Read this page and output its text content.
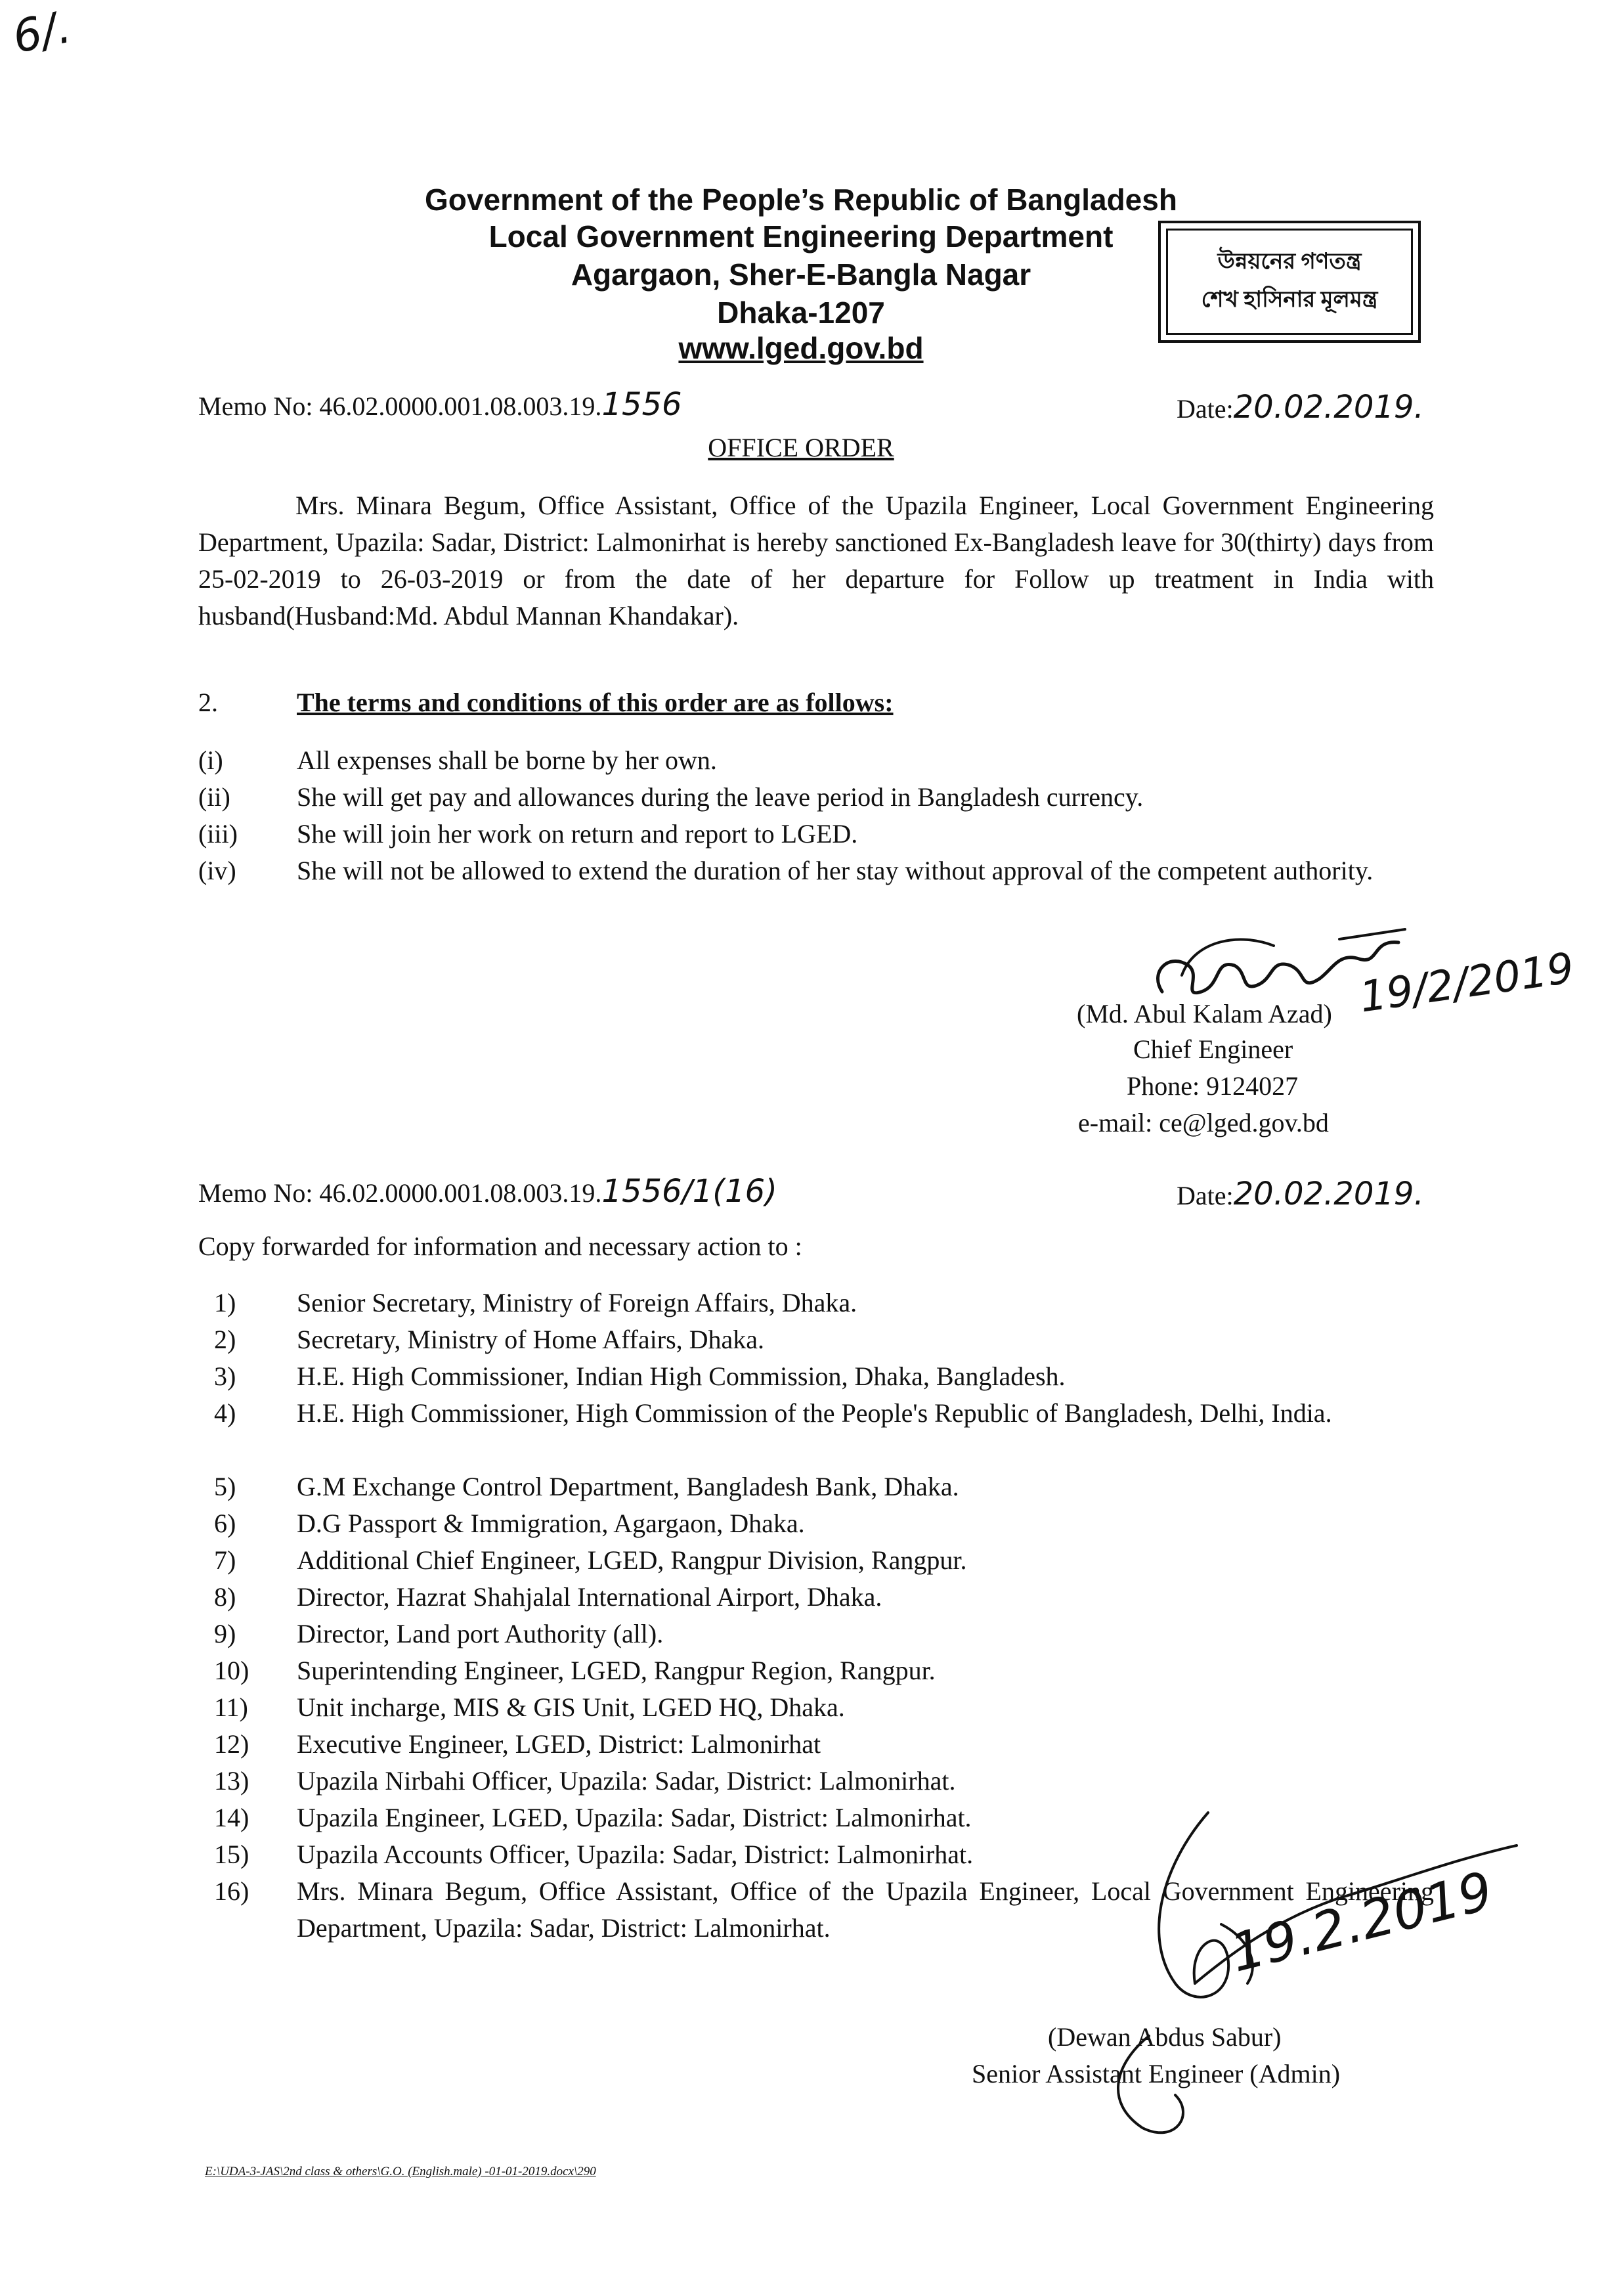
6/.
Government of the People’s Republic of Bangladesh
Local Government Engineering Department
Agargaon, Sher-E-Bangla Nagar
Dhaka-1207
www.lged.gov.bd
উন্নয়নের গণতন্ত্র
শেখ হাসিনার মূলমন্ত্র
Memo No: 46.02.0000.001.08.003.19.1556	Date:20.02.2019.
OFFICE ORDER
Mrs. Minara Begum, Office Assistant, Office of the Upazila Engineer, Local Government Engineering Department, Upazila: Sadar, District: Lalmonirhat is hereby sanctioned Ex-Bangladesh leave for 30(thirty) days from 25-02-2019 to 26-03-2019 or from the date of her departure for Follow up treatment in India with husband(Husband:Md. Abdul Mannan Khandakar).
2.	The terms and conditions of this order are as follows:
(i)	All expenses shall be borne by her own.
(ii)	She will get pay and allowances during the leave period in Bangladesh currency.
(iii) She will join her work on return and report to LGED.
(iv) She will not be allowed to extend the duration of her stay without approval of the competent authority.
19/2/2019
(Md. Abul Kalam Azad)
Chief Engineer
Phone: 9124027
e-mail: ce@lged.gov.bd
Memo No: 46.02.0000.001.08.003.19.1556/1(16)	Date:20.02.2019.
Copy forwarded for information and necessary action to :
1) Senior Secretary, Ministry of Foreign Affairs, Dhaka.
2) Secretary, Ministry of Home Affairs, Dhaka.
3) H.E. High Commissioner, Indian High Commission, Dhaka, Bangladesh.
4) H.E. High Commissioner, High Commission of the People's Republic of Bangladesh, Delhi, India.
5) G.M Exchange Control Department, Bangladesh Bank, Dhaka.
6) D.G Passport & Immigration, Agargaon, Dhaka.
7) Additional Chief Engineer, LGED, Rangpur Division, Rangpur.
8) Director, Hazrat Shahjalal International Airport, Dhaka.
9) Director, Land port Authority (all).
10) Superintending Engineer, LGED, Rangpur Region, Rangpur.
11) Unit incharge, MIS & GIS Unit, LGED HQ, Dhaka.
12) Executive Engineer, LGED, District: Lalmonirhat
13) Upazila Nirbahi Officer, Upazila: Sadar, District: Lalmonirhat.
14) Upazila Engineer, LGED, Upazila: Sadar, District: Lalmonirhat.
15) Upazila Accounts Officer, Upazila: Sadar, District: Lalmonirhat.
16) Mrs. Minara Begum, Office Assistant, Office of the Upazila Engineer, Local Government Engineering Department, Upazila: Sadar, District: Lalmonirhat.	19.2.2019
(Dewan Abdus Sabur)
Senior Assistant Engineer (Admin)
E:\UDA-3-JAS\2nd class & others\G.O. (English.male) -01-01-2019.docx\290
